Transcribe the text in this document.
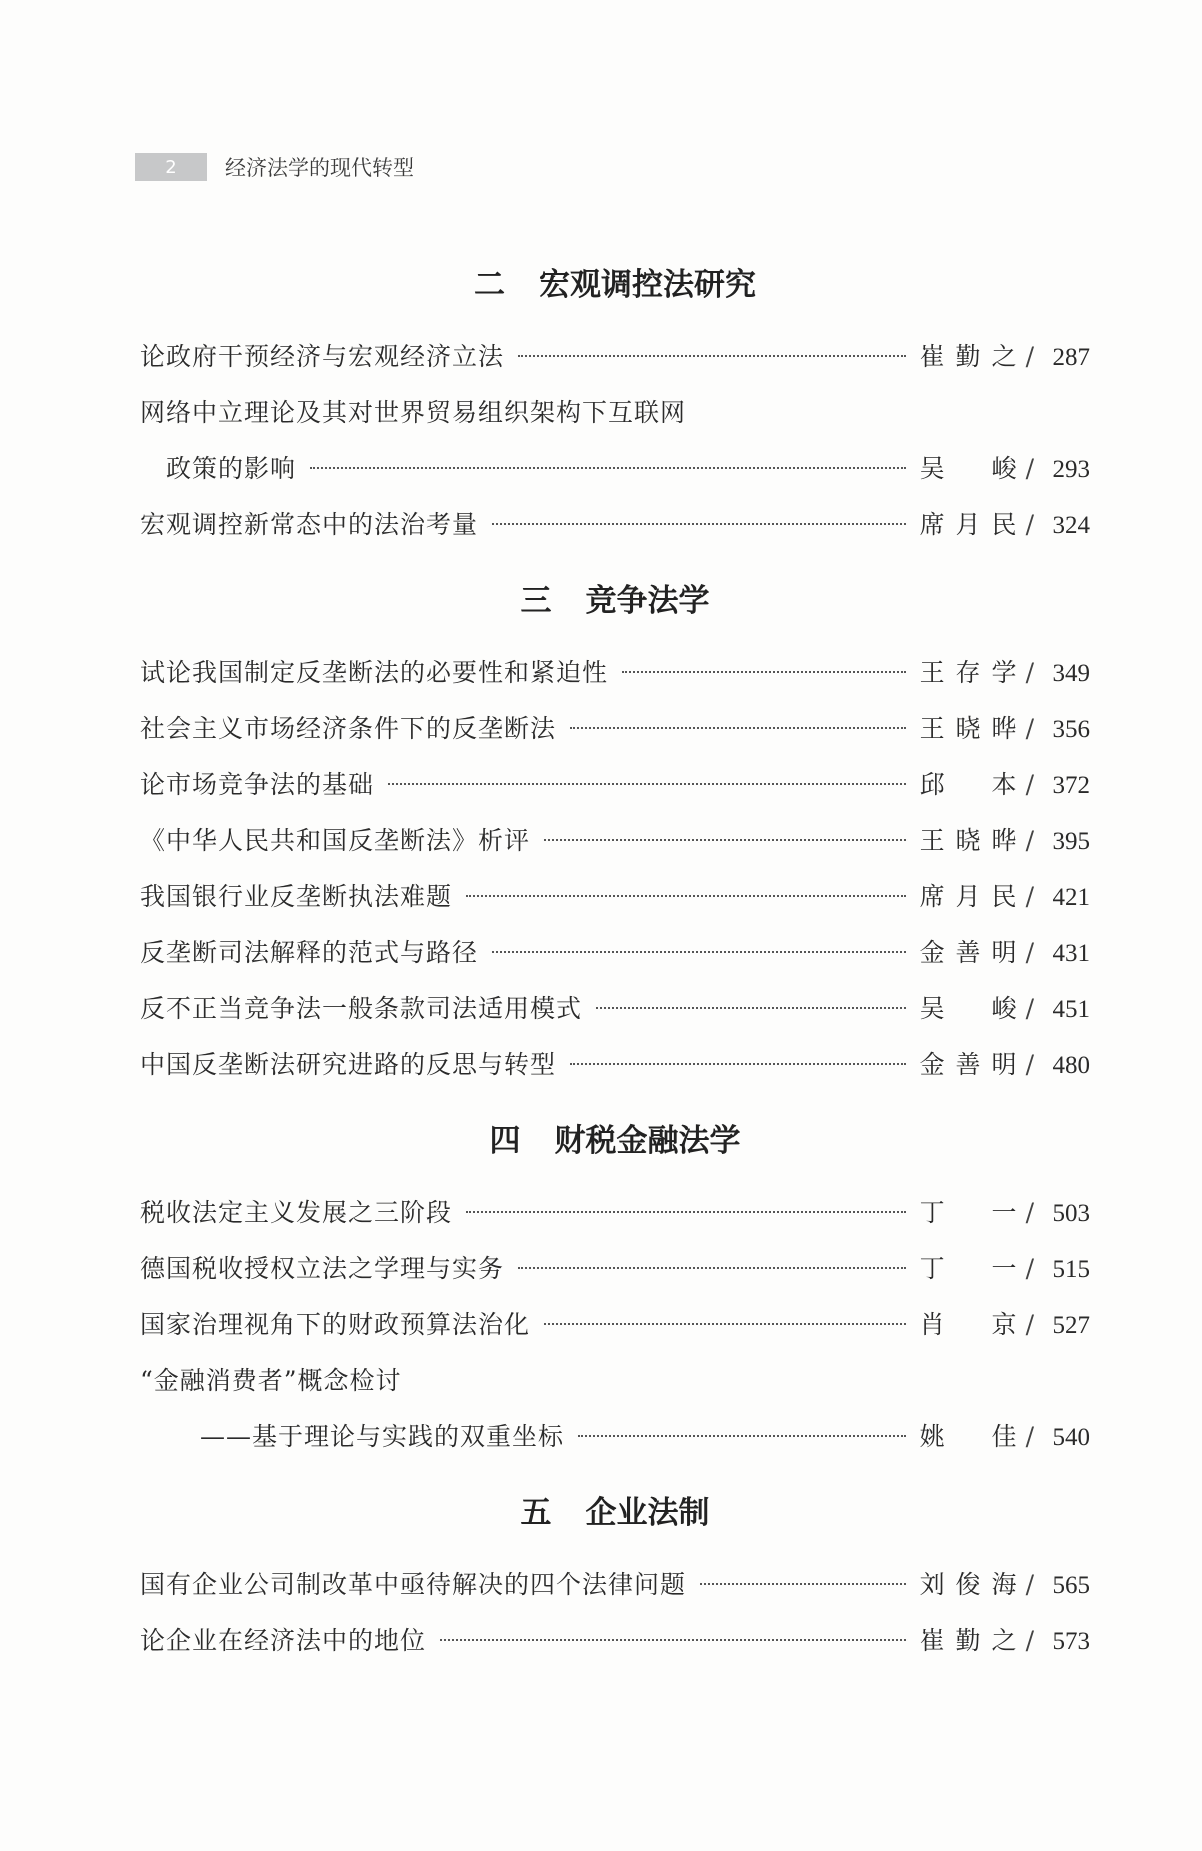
2	经济法学的现代转型
二 宏观调控法研究
论政府干预经济与宏观经济立法	崔勤之 / 287
网络中立理论及其对世界贸易组织架构下互联网
政策的影响	吴　峻 / 293
宏观调控新常态中的法治考量	席月民 / 324
三 竞争法学
试论我国制定反垄断法的必要性和紧迫性	王存学 / 349
社会主义市场经济条件下的反垄断法	王晓晔 / 356
论市场竞争法的基础	邱　本 / 372
《中华人民共和国反垄断法》析评	王晓晔 / 395
我国银行业反垄断执法难题	席月民 / 421
反垄断司法解释的范式与路径	金善明 / 431
反不正当竞争法一般条款司法适用模式	吴　峻 / 451
中国反垄断法研究进路的反思与转型	金善明 / 480
四 财税金融法学
税收法定主义发展之三阶段	丁　一 / 503
德国税收授权立法之学理与实务	丁　一 / 515
国家治理视角下的财政预算法治化	肖　京 / 527
“金融消费者”概念检讨
——基于理论与实践的双重坐标	姚　佳 / 540
五 企业法制
国有企业公司制改革中亟待解决的四个法律问题	刘俊海 / 565
论企业在经济法中的地位	崔勤之 / 573
